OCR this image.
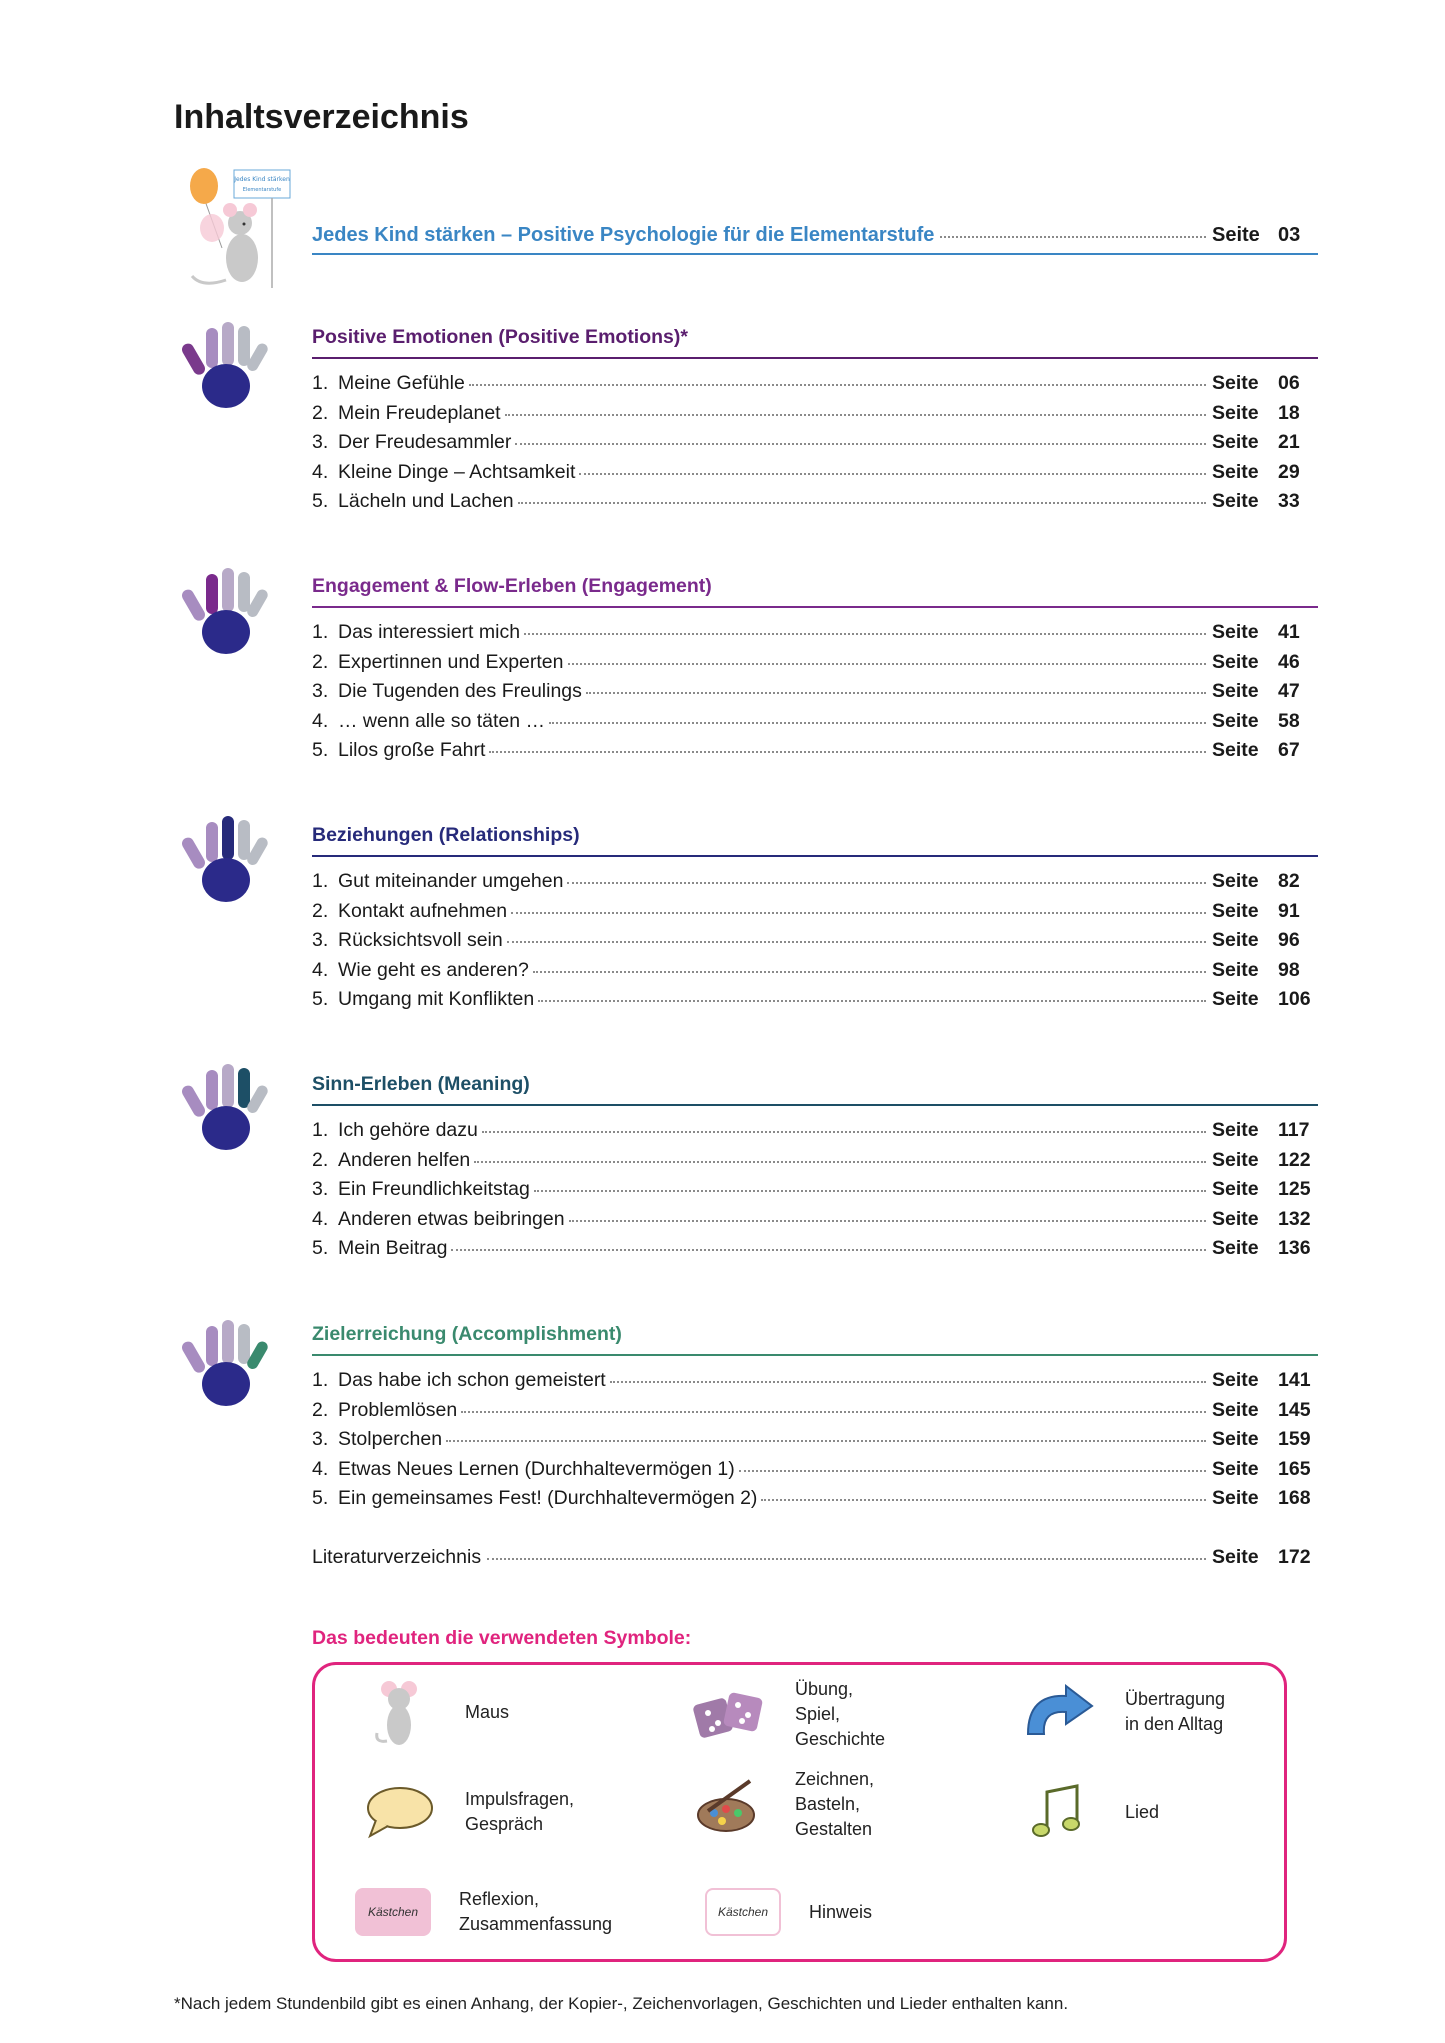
Inhaltsverzeichnis
Jedes Kind stärken
Elementarstufe
Jedes Kind stärken – Positive Psychologie für die Elementarstufe	Seite 03
Positive Emotionen (Positive Emotions)*
1. Meine Gefühle	Seite 06
2. Mein Freudeplanet	Seite 18
3. Der Freudesammler	Seite 21
4. Kleine Dinge – Achtsamkeit	Seite 29
5. Lächeln und Lachen	Seite 33
Engagement & Flow-Erleben (Engagement)
1. Das interessiert mich	Seite 41
2. Expertinnen und Experten	Seite 46
3. Die Tugenden des Freulings	Seite 47
4. … wenn alle so täten …	Seite 58
5. Lilos große Fahrt	Seite 67
Beziehungen (Relationships)
1. Gut miteinander umgehen	Seite 82
2. Kontakt aufnehmen	Seite 91
3. Rücksichtsvoll sein	Seite 96
4. Wie geht es anderen?	Seite 98
5. Umgang mit Konflikten	Seite 106
Sinn-Erleben (Meaning)
1. Ich gehöre dazu	Seite 117
2. Anderen helfen	Seite 122
3. Ein Freundlichkeitstag	Seite 125
4. Anderen etwas beibringen	Seite 132
5. Mein Beitrag	Seite 136
Zielerreichung (Accomplishment)
1. Das habe ich schon gemeistert	Seite 141
2. Problemlösen	Seite 145
3. Stolperchen	Seite 159
4. Etwas Neues Lernen (Durchhaltevermögen 1)	Seite 165
5. Ein gemeinsames Fest! (Durchhaltevermögen 2)	Seite 168
Literaturverzeichnis	Seite 172
Das bedeuten die verwendeten Symbole:
Maus
Übung,
Spiel,
Geschichte
Übertragung
in den Alltag
Impulsfragen,
Gespräch
Zeichnen,
Basteln,
Gestalten
Lied
Kästchen
Reflexion,
Zusammenfassung
Kästchen	Hinweis
*Nach jedem Stundenbild gibt es einen Anhang, der Kopier-, Zeichenvorlagen, Geschichten und Lieder enthalten kann.
